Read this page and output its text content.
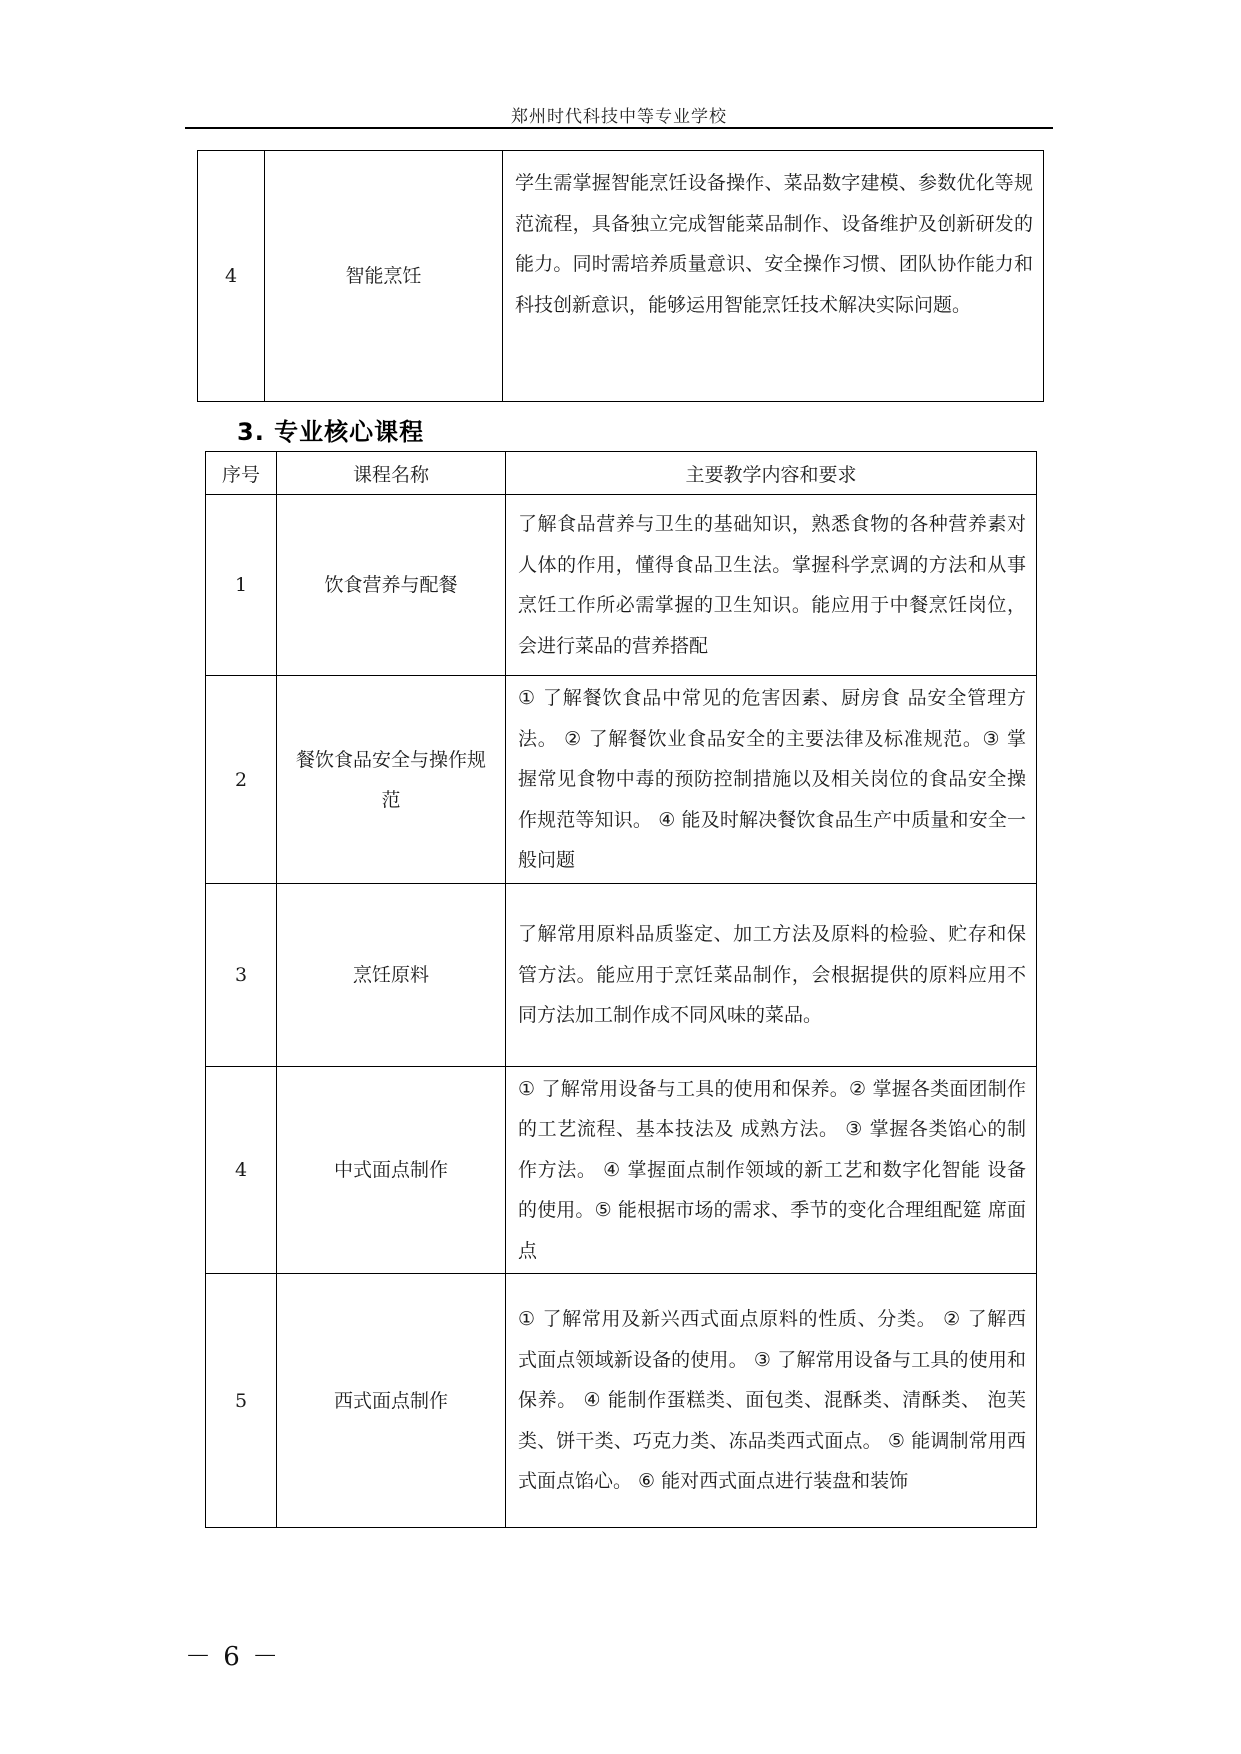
郑州时代科技中等专业学校
4	智能烹饪	学生需掌握智能烹饪设备操作、菜品数字建模、参数优化等规范流程，具备独立完成智能菜品制作、设备维护及创新研发的能力。同时需培养质量意识、安全操作习惯、团队协作能力和科技创新意识，能够运用智能烹饪技术解决实际问题。
3. 专业核心课程
序号	课程名称	主要教学内容和要求
1	饮食营养与配餐	了解食品营养与卫生的基础知识，熟悉食物的各种营养素对人体的作用，懂得食品卫生法。掌握科学烹调的方法和从事烹饪工作所必需掌握的卫生知识。能应用于中餐烹饪岗位，会进行菜品的营养搭配
2	餐饮食品安全与操作规范	① 了解餐饮食品中常见的危害因素、厨房食 品安全管理方法。 ② 了解餐饮业食品安全的主要法律及标准规范。③ 掌握常见食物中毒的预防控制措施以及相关岗位的食品安全操作规范等知识。 ④ 能及时解决餐饮食品生产中质量和安全一 般问题
3	烹饪原料	了解常用原料品质鉴定、加工方法及原料的检验、贮存和保管方法。能应用于烹饪菜品制作，会根据提供的原料应用不同方法加工制作成不同风味的菜品。
4	中式面点制作	① 了解常用设备与工具的使用和保养。② 掌握各类面团制作的工艺流程、基本技法及 成熟方法。 ③ 掌握各类馅心的制作方法。 ④ 掌握面点制作领域的新工艺和数字化智能 设备的使用。⑤ 能根据市场的需求、季节的变化合理组配筵 席面点
5	西式面点制作	① 了解常用及新兴西式面点原料的性质、分类。 ② 了解西式面点领域新设备的使用。 ③ 了解常用设备与工具的使用和保养。 ④ 能制作蛋糕类、面包类、混酥类、清酥类、 泡芙类、饼干类、巧克力类、冻品类西式面点。 ⑤ 能调制常用西式面点馅心。 ⑥ 能对西式面点进行装盘和装饰
－ 6 －
